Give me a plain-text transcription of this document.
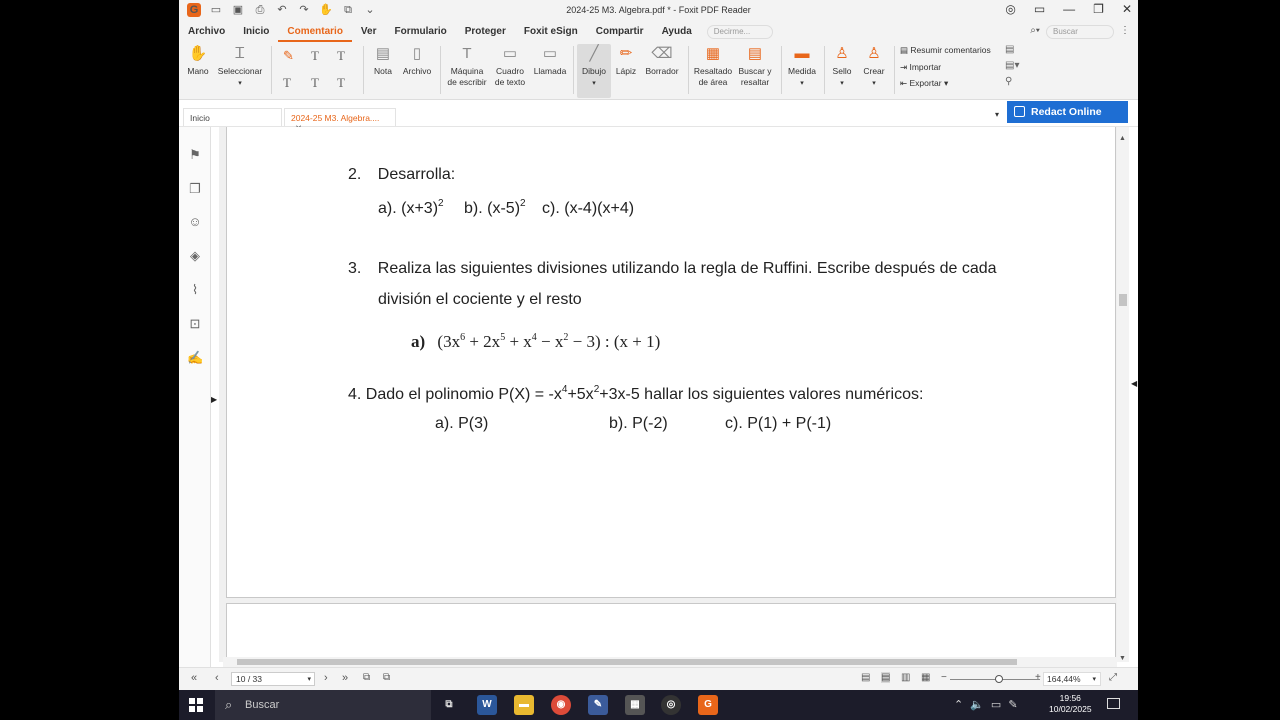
G ▭ ▣ ⎙ ↶ ↷ ✋ ⧉ ⌄	2024-25 M3. Algebra.pdf * - Foxit PDF Reader	◎ ▭ — ❐ ✕
Archivo	Inicio	Comentario	Ver	Formulario	Proteger	Foxit eSign	Compartir	Ayuda	Decirme...	⌕▾	Buscar	⋮
✋
Mano
Ꮖ
Seleccionar
▾
✎ T T
T T T
▤
Nota
▯
Archivo
T
Máquina
de escribir
▭
Cuadro
de texto
▭
Llamada
╱
Dibujo
▾
✏
Lápiz
⌫
Borrador
▦
Resaltado
de área
▤
Buscar y
resaltar
▬
Medida
▾
♙
Sello
▾
♙
Crear
▾
▤ Resumir comentarios
⇥ Importar
⇤ Exportar ▾
▤
▤▾
⚲
Inicio	2024-25 M3. Algebra....	▾	Redact Online
⚑
❐
☺
◈
⌇
⊡
✍
▶
2. Desarrolla:
a). $(x+3)^2$ b). $(x-5)^2$ c). (x-4)(x+4)
3. Realiza las siguientes divisiones utilizando la regla de Ruffini. Escribe después de cada
división el cociente y el resto
a) $(3x^6 + 2x^5 + x^4 - x^2 - 3)$ : (x + 1)
4. Dado el polinomio $P(X) = -x^4+5x^2+3x-5$ hallar los siguientes valores numéricos:
a). P(3)	b). P(-2)	c). P(1) + P(-1)
▲
▼
◀
« ‹	10 / 33	▾ › » ⧉ ⧉	▤ ▤ ▥ ▦ −	+ 164,44% ▾ ⤢
⌕ Buscar	⧉	W	▬	◉	✎	▦	◎	G	⌃ 🔈 ▭ ✎
19:56
10/02/2025
